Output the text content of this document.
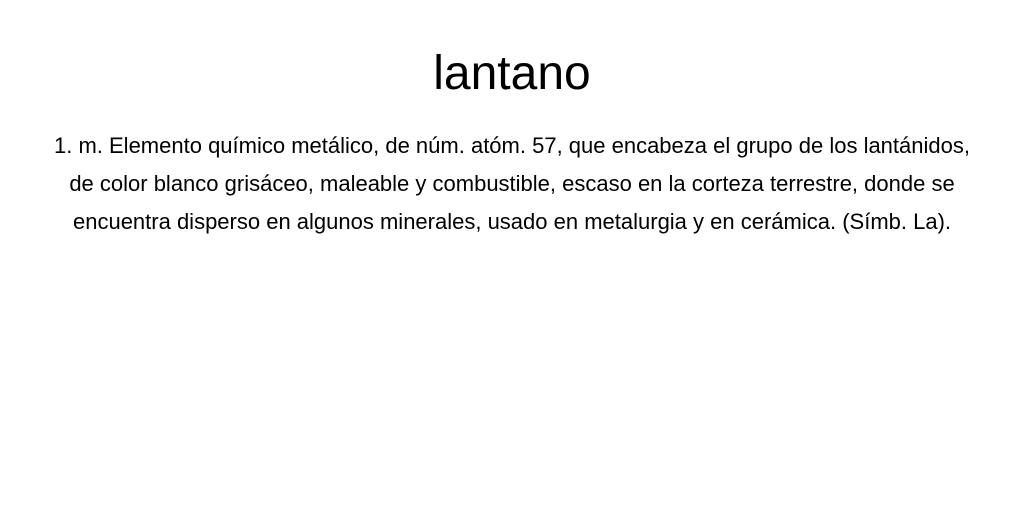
lantano

1. m. Elemento químico metálico, de núm. atóm. 57, que encabeza el grupo de los lantánidos, de color blanco grisáceo, maleable y combustible, escaso en la corteza terrestre, donde se encuentra disperso en algunos minerales, usado en metalurgia y en cerámica. (Símb. La).
